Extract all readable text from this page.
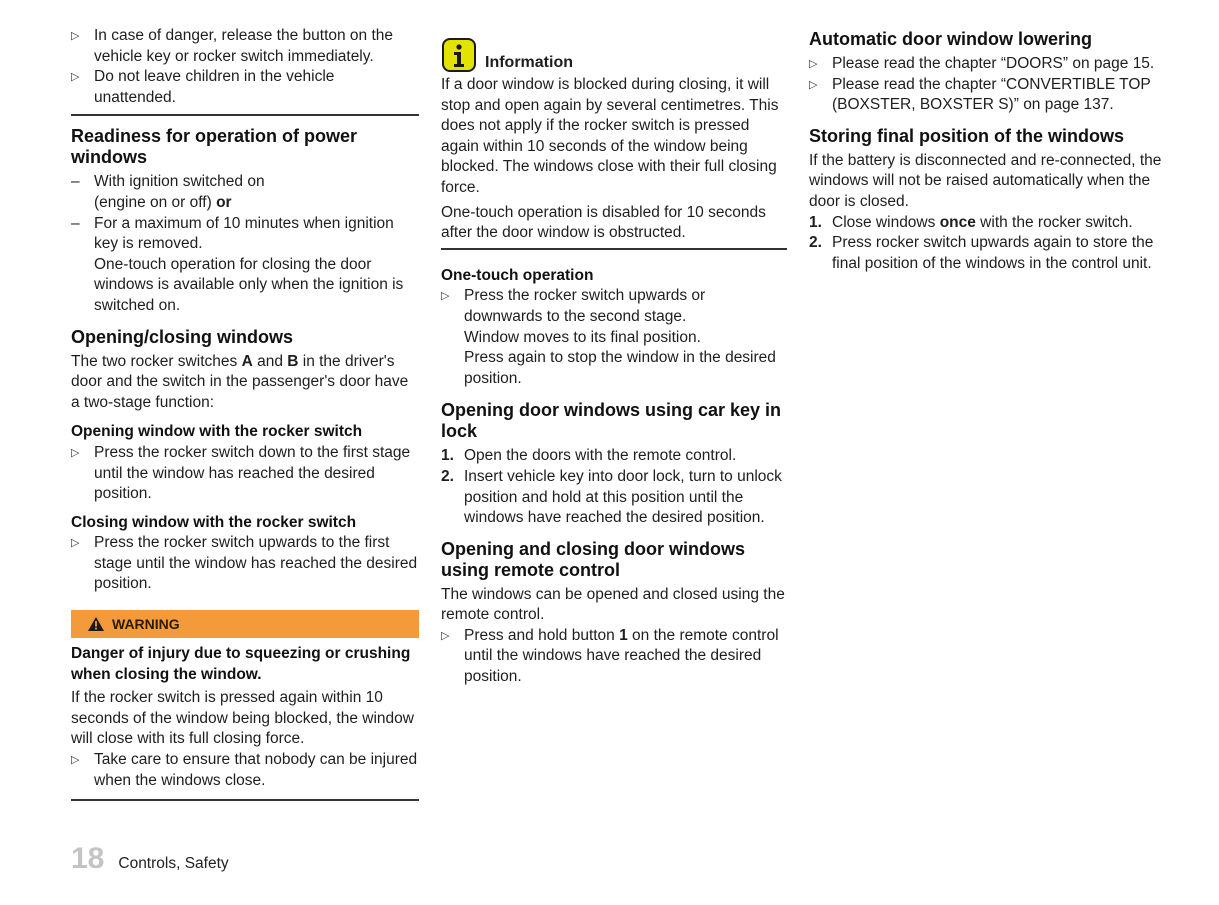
▷ In case of danger, release the button on the vehicle key or rocker switch immediately.
▷ Do not leave children in the vehicle unattended.
Readiness for operation of power windows
– With ignition switched on
(engine on or off) or
– For a maximum of 10 minutes when ignition key is removed.

One-touch operation for closing the door windows is available only when the ignition is switched on.

Opening/closing windows

The two rocker switches A and B in the driver's door and the switch in the passenger's door have a two-stage function:

Opening window with the rocker switch
▷ Press the rocker switch down to the first stage until the window has reached the desired position.
Closing window with the rocker switch
▷ Press the rocker switch upwards to the first stage until the window has reached the desired position.
WARNING
Danger of injury due to squeezing or crushing when closing the window.

If the rocker switch is pressed again within 10 seconds of the window being blocked, the window will close with its full closing force.

▷ Take care to ensure that nobody can be injured when the windows close.
Information

If a door window is blocked during closing, it will stop and open again by several centimetres. This does not apply if the rocker switch is pressed again within 10 seconds of the window being blocked. The windows close with their full closing force.

One-touch operation is disabled for 10 seconds after the door window is obstructed.

One-touch operation
▷ Press the rocker switch upwards or downwards to the second stage.
Window moves to its final position.
Press again to stop the window in the desired position.
Opening door windows using car key in lock
1. Open the doors with the remote control.
2. Insert vehicle key into door lock, turn to unlock position and hold at this position until the windows have reached the desired position.
Opening and closing door windows using remote control

The windows can be opened and closed using the remote control.

▷ Press and hold button 1 on the remote control until the windows have reached the desired position.
Automatic door window lowering
▷ Please read the chapter “DOORS” on page 15.
▷ Please read the chapter “CONVERTIBLE TOP (BOXSTER, BOXSTER S)” on page 137.
Storing final position of the windows

If the battery is disconnected and re-connected, the windows will not be raised automatically when the door is closed.

1. Close windows once with the rocker switch.
2. Press rocker switch upwards again to store the final position of the windows in the control unit.
18 Controls, Safety
